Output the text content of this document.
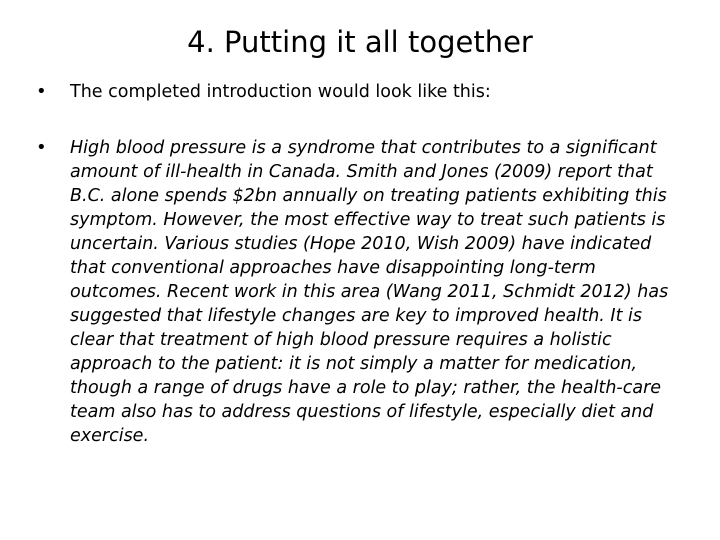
4. Putting it all together
• The completed introduction would look like this:
• High blood pressure is a syndrome that contributes to a significant amount of ill-health in Canada. Smith and Jones (2009) report that B.C. alone spends $2bn annually on treating patients exhibiting this symptom. However, the most effective way to treat such patients is uncertain. Various studies (Hope 2010, Wish 2009) have indicated that conventional approaches have disappointing long-term outcomes. Recent work in this area (Wang 2011, Schmidt 2012) has suggested that lifestyle changes are key to improved health. It is clear that treatment of high blood pressure requires a holistic approach to the patient: it is not simply a matter for medication, though a range of drugs have a role to play; rather, the health-care team also has to address questions of lifestyle, especially diet and exercise.
